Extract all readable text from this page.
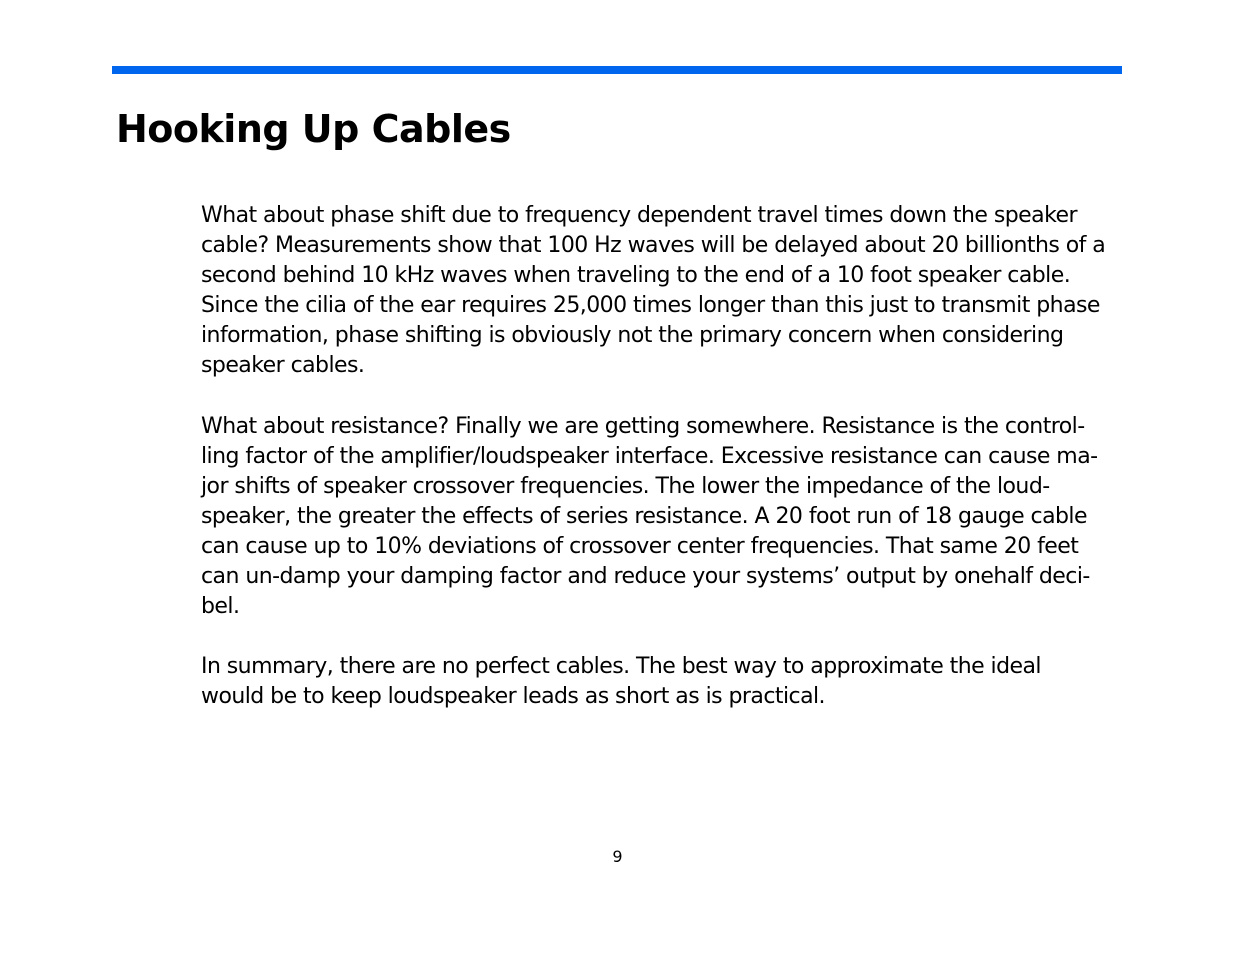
Hooking Up Cables

What about phase shift due to frequency dependent travel times down the speaker
cable? Measurements show that 100 Hz waves will be delayed about 20 billionths of a
second behind 10 kHz waves when traveling to the end of a 10 foot speaker cable.
Since the cilia of the ear requires 25,000 times longer than this just to transmit phase
information, phase shifting is obviously not the primary concern when considering
speaker cables.

What about resistance? Finally we are getting somewhere. Resistance is the control-
ling factor of the amplifier/loudspeaker interface. Excessive resistance can cause ma-
jor shifts of speaker crossover frequencies. The lower the impedance of the loud-
speaker, the greater the effects of series resistance. A 20 foot run of 18 gauge cable
can cause up to 10% deviations of crossover center frequencies. That same 20 feet
can un-damp your damping factor and reduce your systems’ output by onehalf deci-
bel.

In summary, there are no perfect cables. The best way to approximate the ideal
would be to keep loudspeaker leads as short as is practical.

9
